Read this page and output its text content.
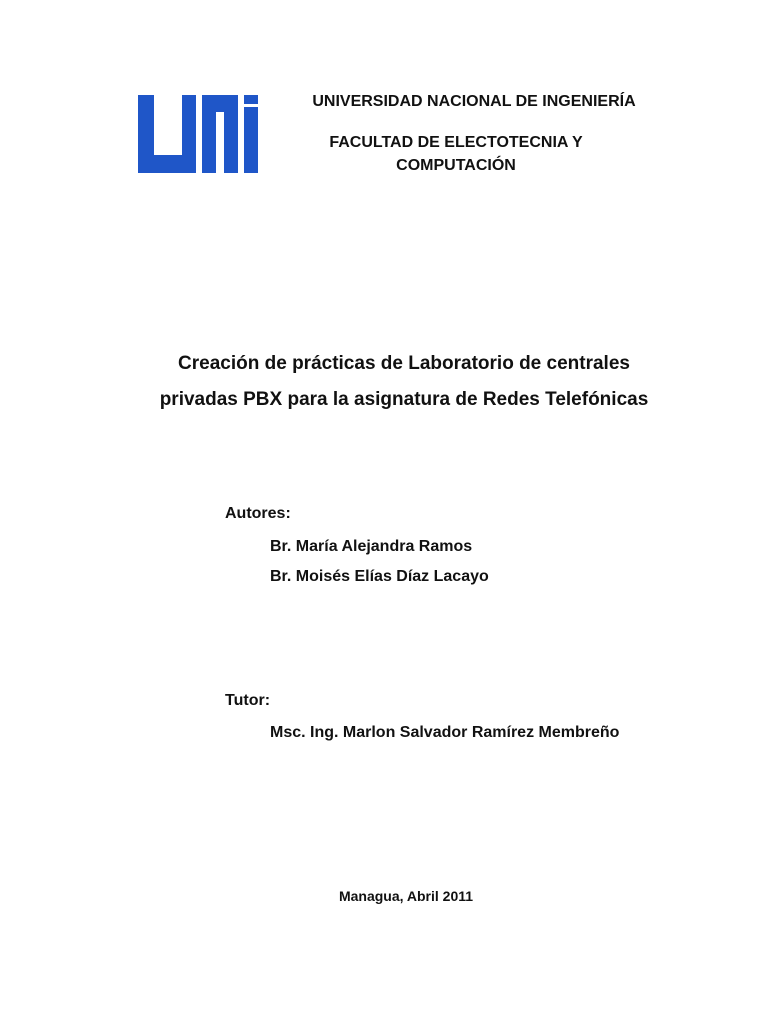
UNIVERSIDAD NACIONAL DE INGENIERÍA
FACULTAD DE ELECTOTECNIA Y
COMPUTACIÓN
Creación de prácticas de Laboratorio de centrales
privadas PBX para la asignatura de Redes Telefónicas
Autores:
Br. María Alejandra Ramos
Br. Moisés Elías Díaz Lacayo
Tutor:
Msc. Ing. Marlon Salvador Ramírez Membreño
Managua, Abril 2011
